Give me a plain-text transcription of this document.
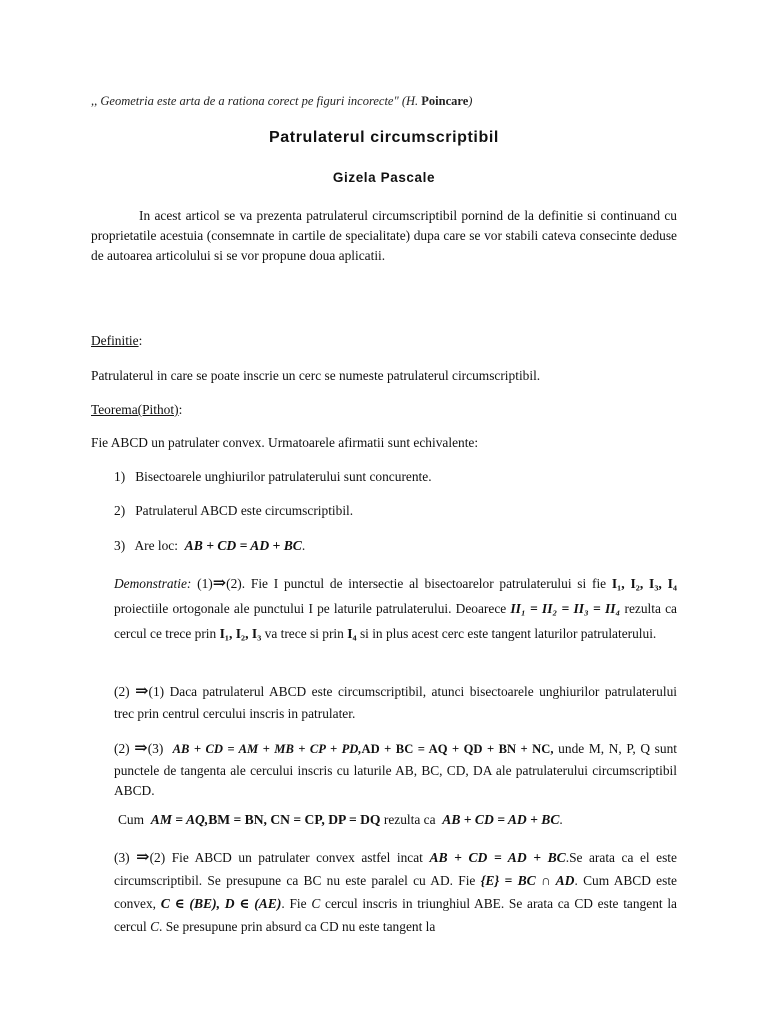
,, Geometria este arta de a rationa corect pe figuri incorecte" (H. Poincare)
Patrulaterul circumscriptibil
Gizela Pascale

In acest articol se va prezenta patrulaterul circumscriptibil pornind de la definitie si continuand cu proprietatile acestuia (consemnate in cartile de specialitate) dupa care se vor stabili cateva consecinte deduse de autoarea articolului si se vor propune doua aplicatii.

Definitie:
Patrulaterul in care se poate inscrie un cerc se numeste patrulaterul circumscriptibil.
Teorema(Pithot):
Fie ABCD un patrulater convex. Urmatoarele afirmatii sunt echivalente:
1) Bisectoarele unghiurilor patrulaterului sunt concurente.
2) Patrulaterul ABCD este circumscriptibil.
3) Are loc: AB + CD = AD + BC.
Demonstratie: (1)⇒(2). Fie I punctul de intersectie al bisectoarelor patrulaterului si fie I₁, I₂, I₃, I₄ proiectiile ortogonale ale punctului I pe laturile patrulaterului. Deoarece II₁ = II₂ = II₃ = II₄ rezulta ca cercul ce trece prin I₁, I₂, I₃ va trece si prin I₄ si in plus acest cerc este tangent laturilor patrulaterului.
(2) ⇒(1) Daca patrulaterul ABCD este circumscriptibil, atunci bisectoarele unghiurilor patrulaterului trec prin centrul cercului inscris in patrulater.
(2) ⇒(3) AB + CD = AM + MB + CP + PD,AD + BC = AQ + QD + BN + NC, unde M, N, P, Q sunt punctele de tangenta ale cercului inscris cu laturile AB, BC, CD, DA ale patrulaterului circumscriptibil ABCD.
Cum AM = AQ,BM = BN, CN = CP, DP = DQ rezulta ca AB + CD = AD + BC.
(3) ⇒(2) Fie ABCD un patrulater convex astfel incat AB + CD = AD + BC.Se arata ca el este circumscriptibil. Se presupune ca BC nu este paralel cu AD. Fie {E} = BC ∩ AD. Cum ABCD este convex, C ∈ (BE), D ∈ (AE). Fie C cercul inscris in triunghiul ABE. Se arata ca CD este tangent la cercul C. Se presupune prin absurd ca CD nu este tangent la
